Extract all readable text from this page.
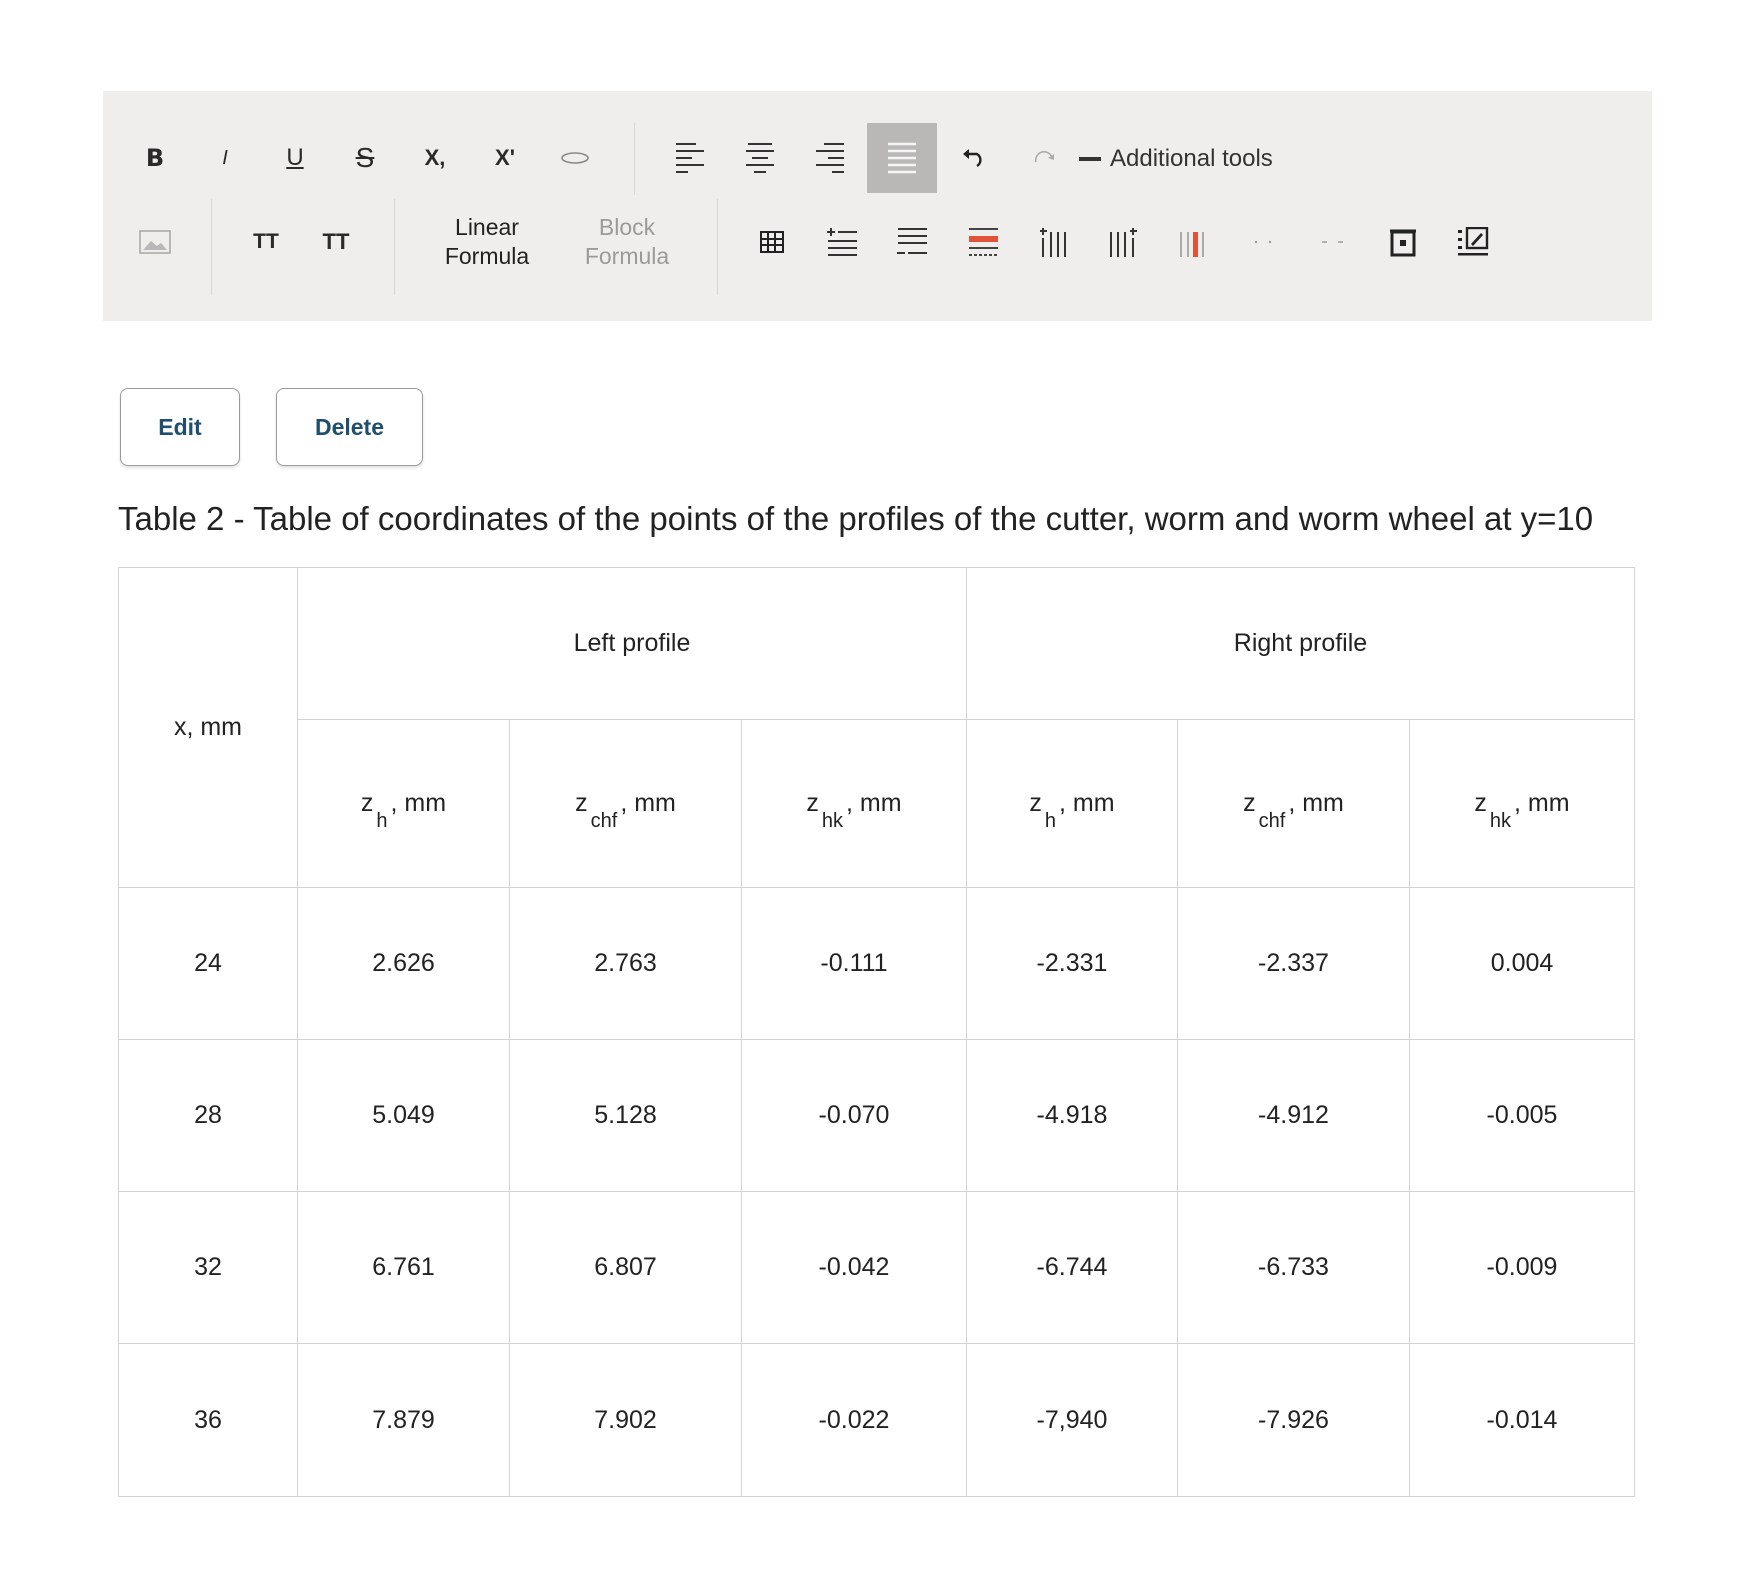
B	I	U	S	X,	X'	Additional tools
TT	TT
Linear
Formula
Block
Formula
Edit	Delete
Table 2 - Table of coordinates of the points of the profiles of the cutter, worm and worm wheel at y=10
x, mm	Left profile			Right profile		
	$z_h$, mm	$z_{chf}$, mm	$z_{hk}$, mm	$z_h$, mm	$z_{chf}$, mm	$z_{hk}$, mm
24	2.626	2.763	-0.111	-2.331	-2.337	0.004
28	5.049	5.128	-0.070	-4.918	-4.912	-0.005
32	6.761	6.807	-0.042	-6.744	-6.733	-0.009
36	7.879	7.902	-0.022	-7,940	-7.926	-0.014
